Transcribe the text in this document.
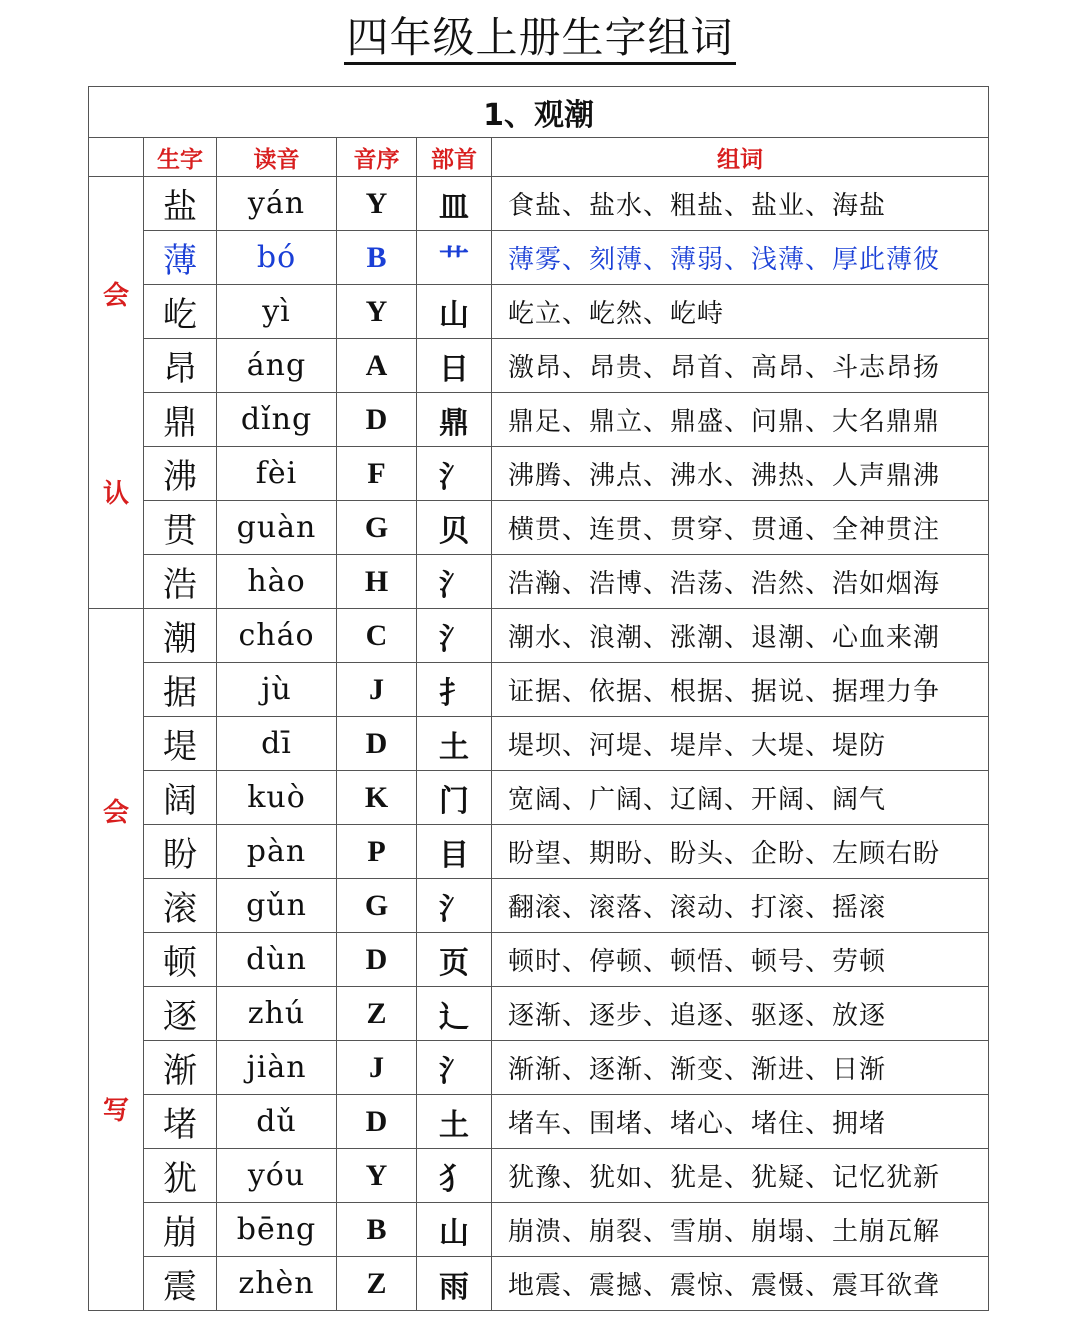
四年级上册生字组词
1、观潮					
	生字	读音	音序	部首	组词

会
认	盐	yán	Y	皿	食盐、盐水、粗盐、盐业、海盐
	薄	bó	B	艹	薄雾、刻薄、薄弱、浅薄、厚此薄彼
	屹	yì	Y	山	屹立、屹然、屹峙
	昂	áng	A	日	激昂、昂贵、昂首、高昂、斗志昂扬
	鼎	dǐng	D	鼎	鼎足、鼎立、鼎盛、问鼎、大名鼎鼎
	沸	fèi	F	氵	沸腾、沸点、沸水、沸热、人声鼎沸
	贯	guàn	G	贝	横贯、连贯、贯穿、贯通、全神贯注
	浩	hào	H	氵	浩瀚、浩博、浩荡、浩然、浩如烟海

会
写	潮	cháo	C	氵	潮水、浪潮、涨潮、退潮、心血来潮
	据	jù	J	扌	证据、依据、根据、据说、据理力争
	堤	dī	D	土	堤坝、河堤、堤岸、大堤、堤防
	阔	kuò	K	门	宽阔、广阔、辽阔、开阔、阔气
	盼	pàn	P	目	盼望、期盼、盼头、企盼、左顾右盼
	滚	gǔn	G	氵	翻滚、滚落、滚动、打滚、摇滚
	顿	dùn	D	页	顿时、停顿、顿悟、顿号、劳顿
	逐	zhú	Z	辶	逐渐、逐步、追逐、驱逐、放逐
	渐	jiàn	J	氵	渐渐、逐渐、渐变、渐进、日渐
	堵	dǔ	D	土	堵车、围堵、堵心、堵住、拥堵
	犹	yóu	Y	犭	犹豫、犹如、犹是、犹疑、记忆犹新
	崩	bēng	B	山	崩溃、崩裂、雪崩、崩塌、土崩瓦解
	震	zhèn	Z	雨	地震、震撼、震惊、震慑、震耳欲聋
